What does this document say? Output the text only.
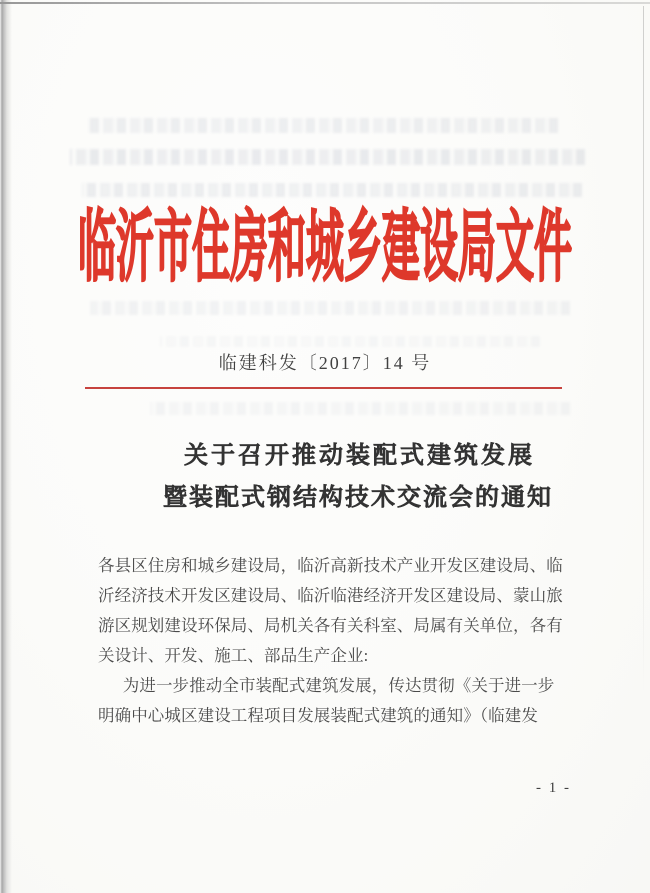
临沂市住房和城乡建设局文件
临建科发〔2017〕14 号
关于召开推动装配式建筑发展
暨装配式钢结构技术交流会的通知
各县区住房和城乡建设局，临沂高新技术产业开发区建设局、临
沂经济技术开发区建设局、临沂临港经济开发区建设局、蒙山旅
游区规划建设环保局、局机关各有关科室、局属有关单位，各有
关设计、开发、施工、部品生产企业:
为进一步推动全市装配式建筑发展，传达贯彻《关于进一步
明确中心城区建设工程项目发展装配式建筑的通知》（临建发
- 1 -
